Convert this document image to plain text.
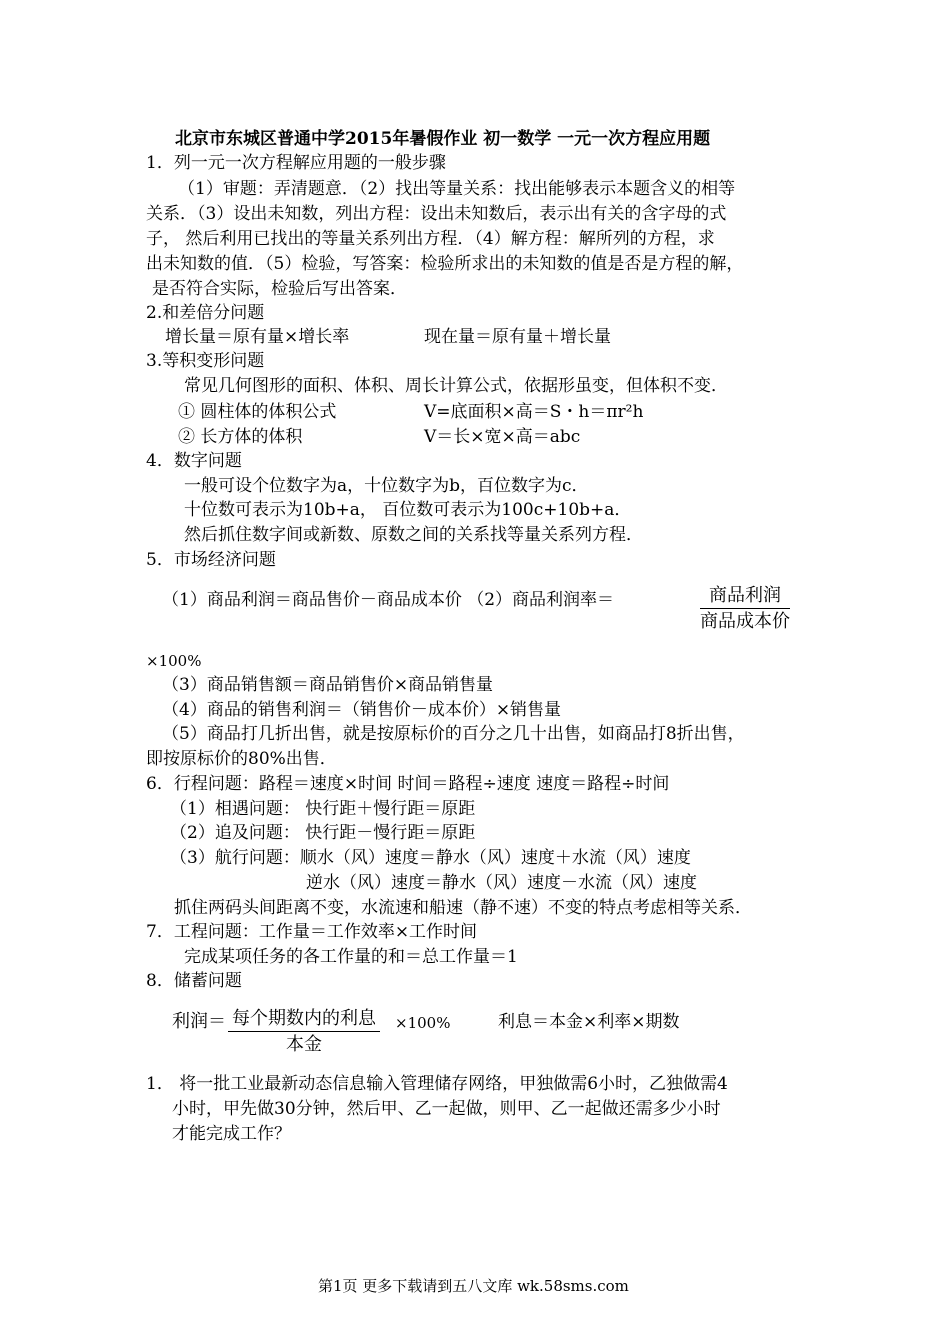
北京市东城区普通中学2015年暑假作业 初一数学 一元一次方程应用题
1．列一元一次方程解应用题的一般步骤
（1）审题：弄清题意．（2）找出等量关系：找出能够表示本题含义的相等
关系．（3）设出未知数，列出方程：设出未知数后，表示出有关的含字母的式
子， 然后利用已找出的等量关系列出方程．（4）解方程：解所列的方程，求
出未知数的值．（5）检验，写答案：检验所求出的未知数的值是否是方程的解，
是否符合实际，检验后写出答案．
2.和差倍分问题
增长量＝原有量×增长率	现在量＝原有量＋增长量
3.等积变形问题
常见几何图形的面积、体积、周长计算公式，依据形虽变，但体积不变．
① 圆柱体的体积公式	V=底面积×高＝S・h＝πr²h
② 长方体的体积	V＝长×宽×高＝abc
4．数字问题
一般可设个位数字为a，十位数字为b，百位数字为c．
十位数可表示为10b+a， 百位数可表示为100c+10b+a．
然后抓住数字间或新数、原数之间的关系找等量关系列方程．
5．市场经济问题
（1）商品利润＝商品售价－商品成本价 （2）商品利润率＝	商品利润
商品成本价
×100%
（3）商品销售额＝商品销售价×商品销售量
（4）商品的销售利润＝（销售价－成本价）×销售量
（5）商品打几折出售，就是按原标价的百分之几十出售，如商品打8折出售，
即按原标价的80%出售．
6．行程问题：路程＝速度×时间 时间＝路程÷速度 速度＝路程÷时间
（1）相遇问题： 快行距＋慢行距＝原距
（2）追及问题： 快行距－慢行距＝原距
（3）航行问题：顺水（风）速度＝静水（风）速度＋水流（风）速度
逆水（风）速度＝静水（风）速度－水流（风）速度
抓住两码头间距离不变，水流速和船速（静不速）不变的特点考虑相等关系．
7．工程问题：工作量＝工作效率×工作时间
完成某项任务的各工作量的和＝总工作量＝1
8．储蓄问题
利润＝ 每个期数内的利息
本金
×100%	利息＝本金×利率×期数
1． 将一批工业最新动态信息输入管理储存网络，甲独做需6小时，乙独做需4
小时，甲先做30分钟，然后甲、乙一起做，则甲、乙一起做还需多少小时
才能完成工作？
第1页 更多下载请到五八文库 wk.58sms.com
